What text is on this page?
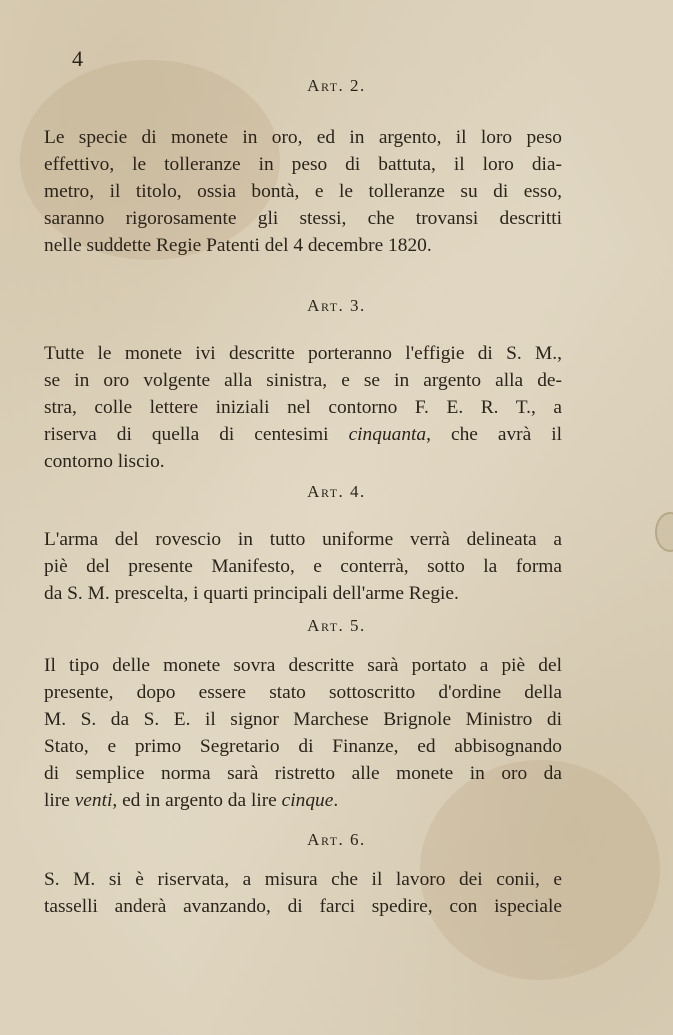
4
Art. 2.
Le specie di monete in oro, ed in argento, il loro peso
effettivo, le tolleranze in peso di battuta, il loro dia-
metro, il titolo, ossia bontà, e le tolleranze su di esso,
saranno rigorosamente gli stessi, che trovansi descritti
nelle suddette Regie Patenti del 4 decembre 1820.
Art. 3.
Tutte le monete ivi descritte porteranno l'effigie di S. M.,
se in oro volgente alla sinistra, e se in argento alla de-
stra, colle lettere iniziali nel contorno F. E. R. T., a
riserva di quella di centesimi cinquanta, che avrà il
contorno liscio.
Art. 4.
L'arma del rovescio in tutto uniforme verrà delineata a
piè del presente Manifesto, e conterrà, sotto la forma
da S. M. prescelta, i quarti principali dell'arme Regie.
Art. 5.
Il tipo delle monete sovra descritte sarà portato a piè del
presente, dopo essere stato sottoscritto d'ordine della
M. S. da S. E. il signor Marchese Brignole Ministro di
Stato, e primo Segretario di Finanze, ed abbisognando
di semplice norma sarà ristretto alle monete in oro da
lire venti, ed in argento da lire cinque.
Art. 6.
S. M. si è riservata, a misura che il lavoro dei conii, e
tasselli anderà avanzando, di farci spedire, con ispeciale
